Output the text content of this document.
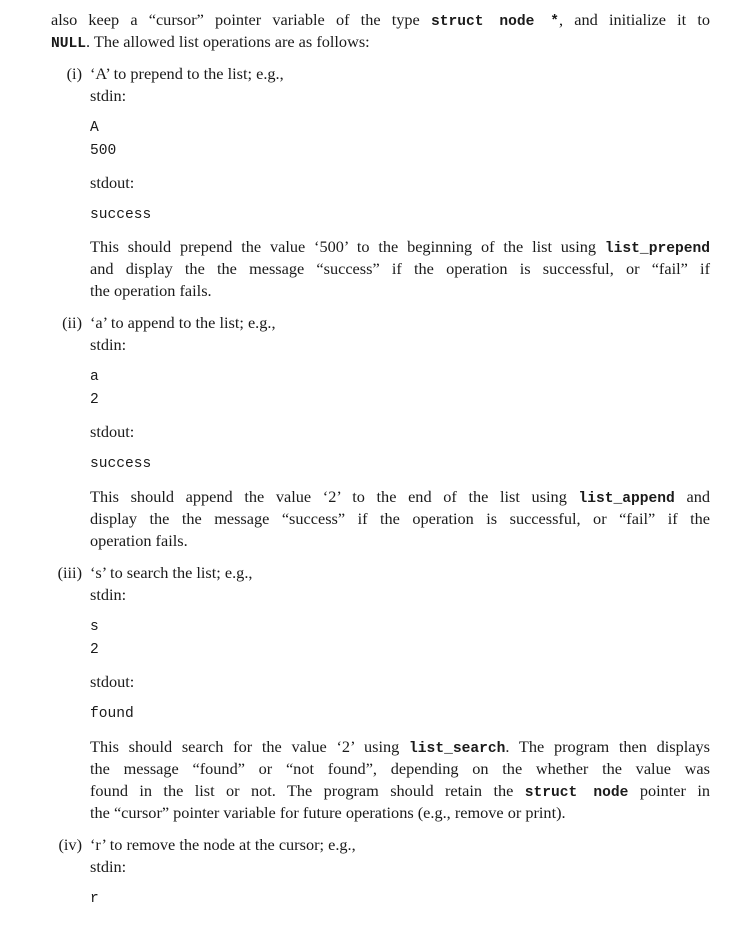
also keep a “cursor” pointer variable of the type struct node *, and initialize it to
NULL. The allowed list operations are as follows:
(i) ‘A’ to prepend to the list; e.g.,
stdin:
A
500
stdout:
success
This should prepend the value ‘500’ to the beginning of the list using list_prepend
and display the the message “success” if the operation is successful, or “fail” if
the operation fails.
(ii) ‘a’ to append to the list; e.g.,
stdin:
a
2
stdout:
success
This should append the value ‘2’ to the end of the list using list_append and
display the the message “success” if the operation is successful, or “fail” if the
operation fails.
(iii) ‘s’ to search the list; e.g.,
stdin:
s
2
stdout:
found
This should search for the value ‘2’ using list_search. The program then displays
the message “found” or “not found”, depending on the whether the value was
found in the list or not. The program should retain the struct node pointer in
the “cursor” pointer variable for future operations (e.g., remove or print).
(iv) ‘r’ to remove the node at the cursor; e.g.,
stdin:
r
